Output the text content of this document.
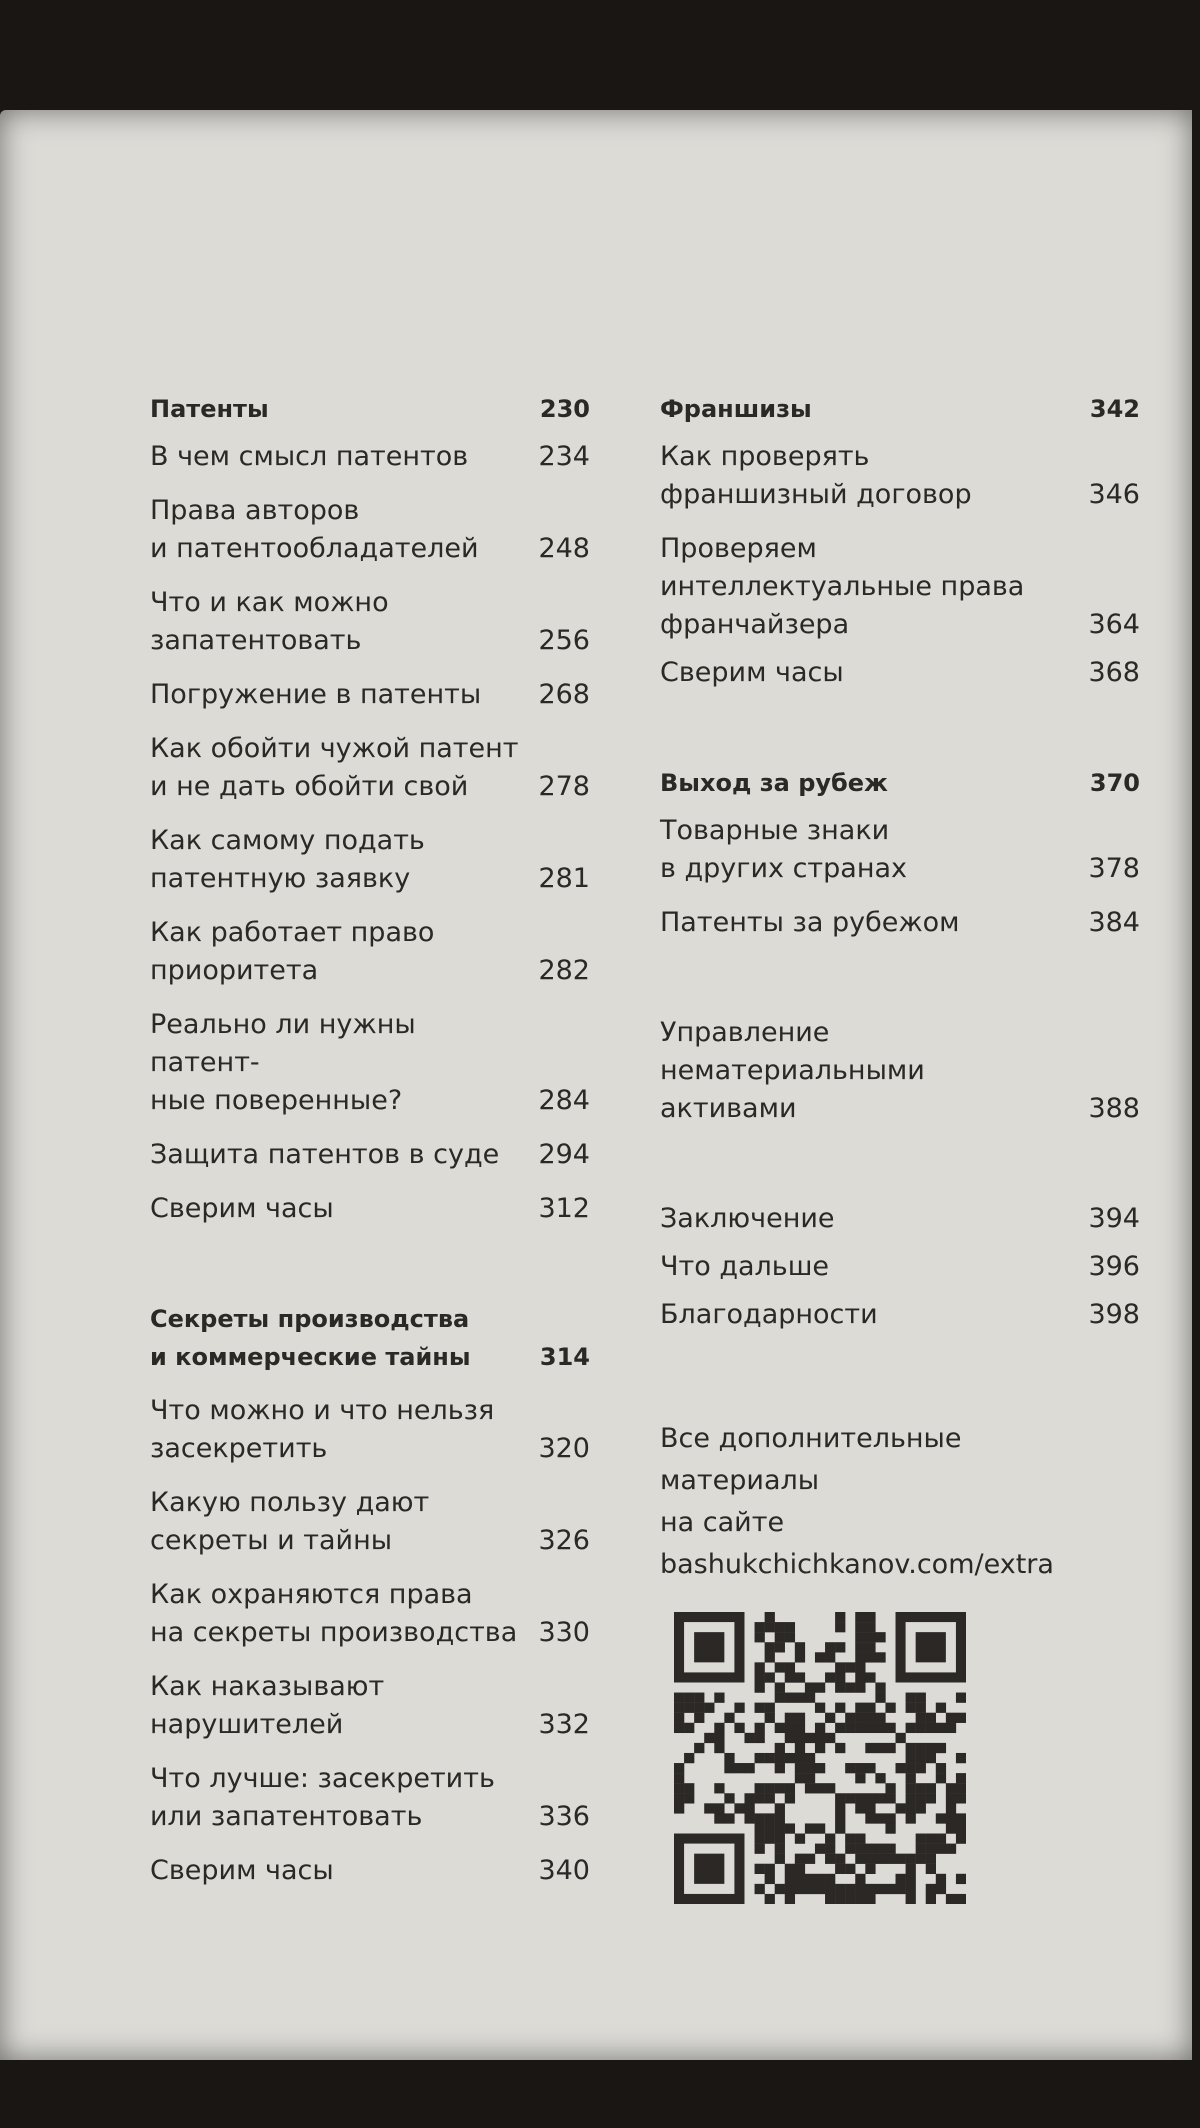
Патенты	230
В чем смысл патентов	234
Права авторов
и патентообладателей	248
Что и как можно
запатентовать	256
Погружение в патенты	268
Как обойти чужой патент
и не дать обойти свой	278
Как самому подать
патентную заявку	281
Как работает право
приоритета	282
Реально ли нужны патент-
ные поверенные?	284
Защита патентов в суде	294
Сверим часы	312
Секреты производства
и коммерческие тайны	314
Что можно и что нельзя
засекретить	320
Какую пользу дают
секреты и тайны	326
Как охраняются права
на секреты производства 330
Как наказывают
нарушителей	332
Что лучше: засекретить
или запатентовать	336
Сверим часы	340
Франшизы	342
Как проверять
франшизный договор	346
Проверяем
интеллектуальные права
франчайзера	364
Сверим часы	368
Выход за рубеж	370
Товарные знаки
в других странах	378
Патенты за рубежом	384
Управление
нематериальными
активами	388
Заключение	394
Что дальше	396
Благодарности	398
Все дополнительные
материалы
на сайте
bashukchichkanov.com/extra
